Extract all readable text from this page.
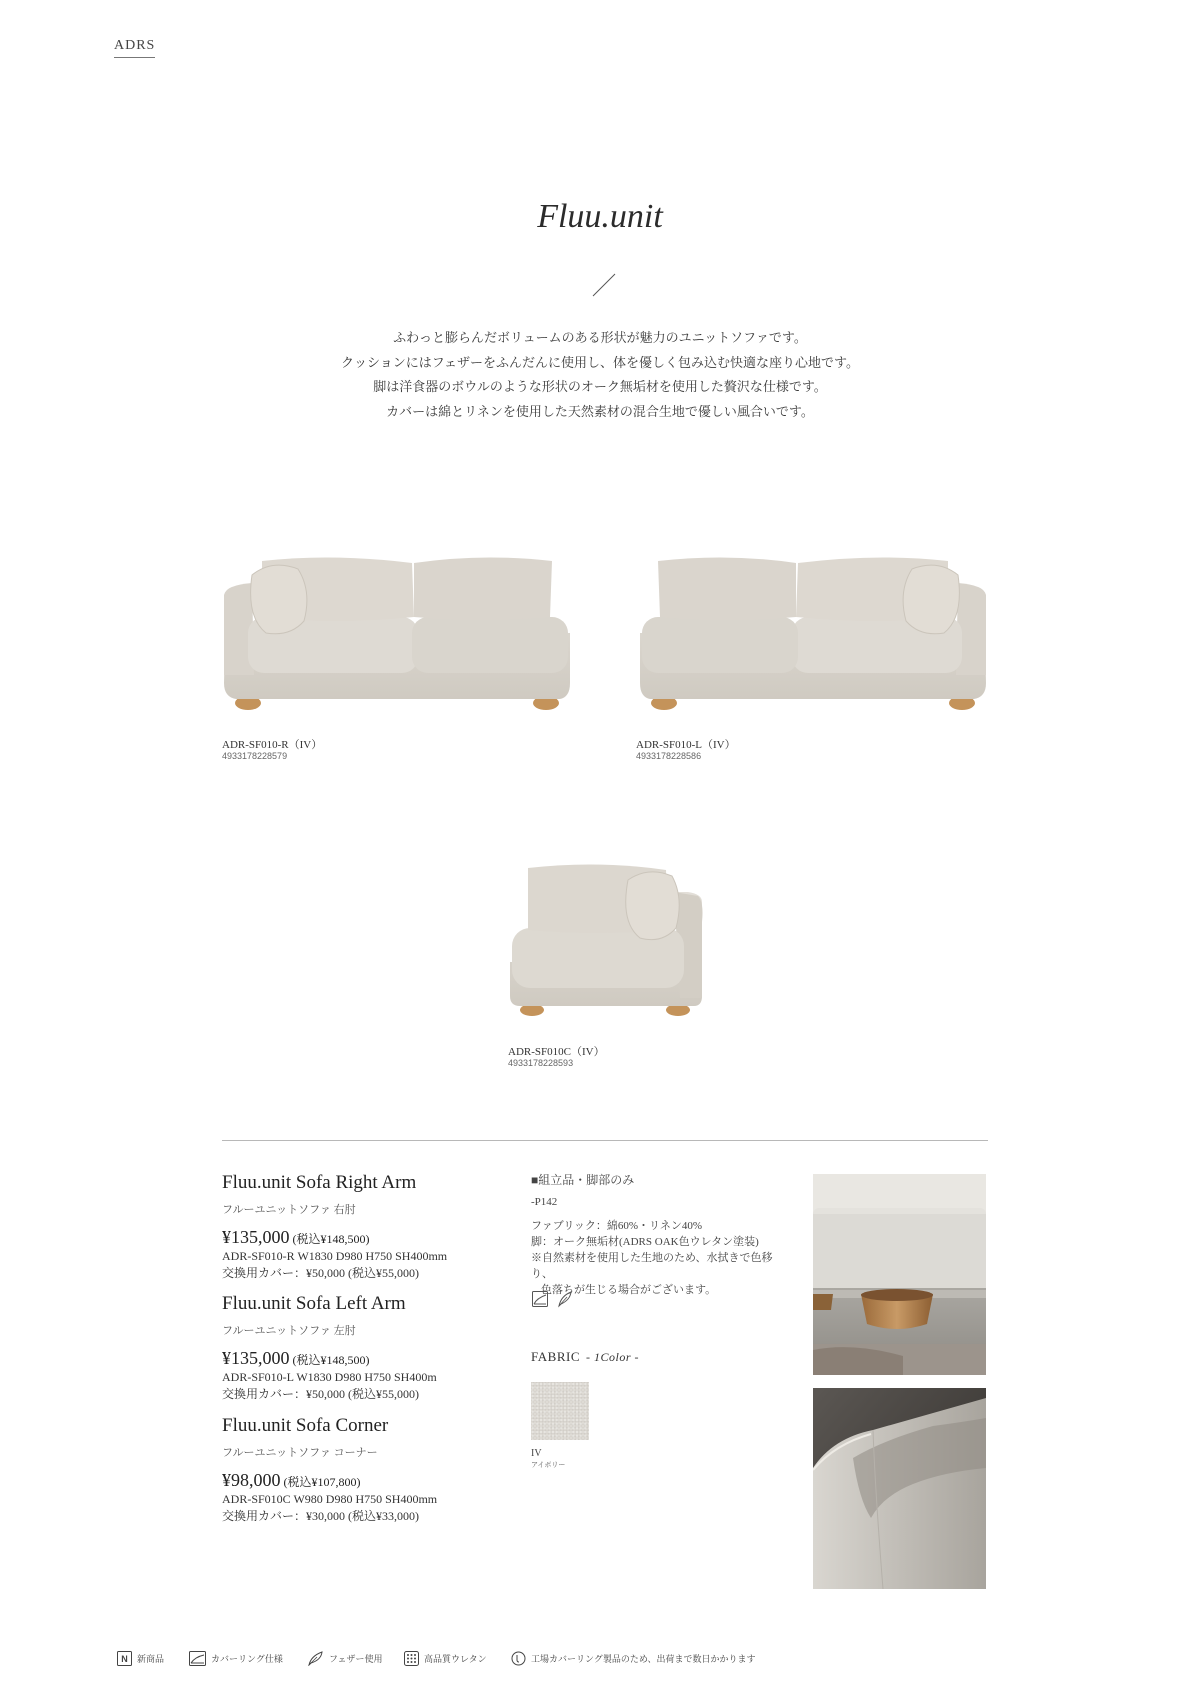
ADRS
Fluu.unit

ふわっと膨らんだボリュームのある形状が魅力のユニットソファです。

クッションにはフェザーをふんだんに使用し、体を優しく包み込む快適な座り心地です。

脚は洋食器のボウルのような形状のオーク無垢材を使用した贅沢な仕様です。

カバーは綿とリネンを使用した天然素材の混合生地で優しい風合いです。

ADR-SF010-R（IV）
4933178228579
ADR-SF010-L（IV）
4933178228586
ADR-SF010C（IV）
4933178228593
Fluu.unit Sofa Right Arm
フルーユニットソファ 右肘
¥135,000 (税込¥148,500)
ADR-SF010-R W1830 D980 H750 SH400mm
交換用カバー：¥50,000 (税込¥55,000)
Fluu.unit Sofa Left Arm
フルーユニットソファ 左肘
¥135,000 (税込¥148,500)
ADR-SF010-L W1830 D980 H750 SH400m
交換用カバー：¥50,000 (税込¥55,000)
Fluu.unit Sofa Corner
フルーユニットソファ コーナー
¥98,000 (税込¥107,800)
ADR-SF010C W980 D980 H750 SH400mm
交換用カバー：¥30,000 (税込¥33,000)
■組立品・脚部のみ
-P142
ファブリック：綿60%・リネン40%
脚：オーク無垢材(ADRS OAK色ウレタン塗装)
※自然素材を使用した生地のため、水拭きで色移り、
色落ちが生じる場合がございます。
FABRIC - 1Color -
IV
アイボリー
N 新商品	カバーリング仕様	フェザー使用	高品質ウレタン	工場カバーリング製品のため、出荷まで数日かかります
